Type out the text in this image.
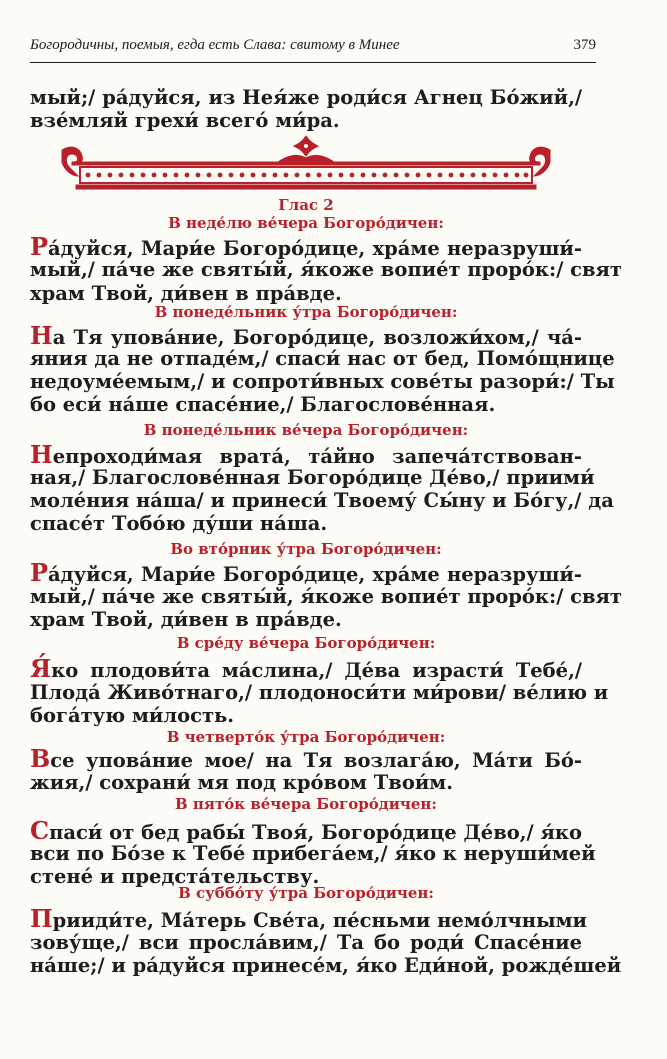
Богородичны, поемыя, егда есть Слава: свитому в Минее	379
мый;/ ра́дуйся, из Нея́же роди́ся Агнец Бо́жий,/
взе́мляй грехи́ всего́ ми́ра.
Глас 2
В неде́лю ве́чера Богоро́дичен:
Ра́дуйся, Мари́е Богоро́дице, хра́ме неразруши́-
мый,/ па́че же святы́й, я́коже вопие́т проро́к:/ свят
храм Твой, ди́вен в пра́вде.
В понеде́льник у́тра Богоро́дичен:
На Тя упова́ние, Богоро́дице, возложи́хом,/ ча́-
яния да не отпаде́м,/ спаси́ нас от бед, Помо́щнице
недоуме́емым,/ и сопроти́вных сове́ты разори́:/ Ты
бо еси́ на́ше спасе́ние,/ Благослове́нная.
В понеде́льник ве́чера Богоро́дичен:
Непроходи́мая врата́, та́йно запеча́тствован-
ная,/ Благослове́нная Богоро́дице Де́во,/ приими́
моле́ния на́ша/ и принеси́ Твоему́ Сы́ну и Бо́гу,/ да
спасе́т Тобо́ю ду́ши на́ша.
Во вто́рник у́тра Богоро́дичен:
Ра́дуйся, Мари́е Богоро́дице, хра́ме неразруши́-
мый,/ па́че же святы́й, я́коже вопие́т проро́к:/ свят
храм Твой, ди́вен в пра́вде.
В сре́ду ве́чера Богоро́дичен:
Я́ко плодови́та ма́слина,/ Де́ва израсти́ Тебе́,/
Плода́ Живо́тнаго,/ плодоноси́ти ми́рови/ ве́лию и
бога́тую ми́лость.
В четверто́к у́тра Богоро́дичен:
Все упова́ние мое/ на Тя возлага́ю, Ма́ти Бо́-
жия,/ сохрани́ мя под кро́вом Твои́м.
В пято́к ве́чера Богоро́дичен:
Спаси́ от бед рабы́ Твоя́, Богоро́дице Де́во,/ я́ко
вси по Бо́зе к Тебе́ прибега́ем,/ я́ко к неруши́мей
стене́ и предста́тельству.
В суббо́ту у́тра Богоро́дичен:
Прииди́те, Ма́терь Све́та, пе́сньми немо́лчными
зову́ще,/ вси просла́вим,/ Та бо роди́ Спасе́ние
на́ше;/ и ра́дуйся принесе́м, я́ко Еди́ной, рожде́шей
